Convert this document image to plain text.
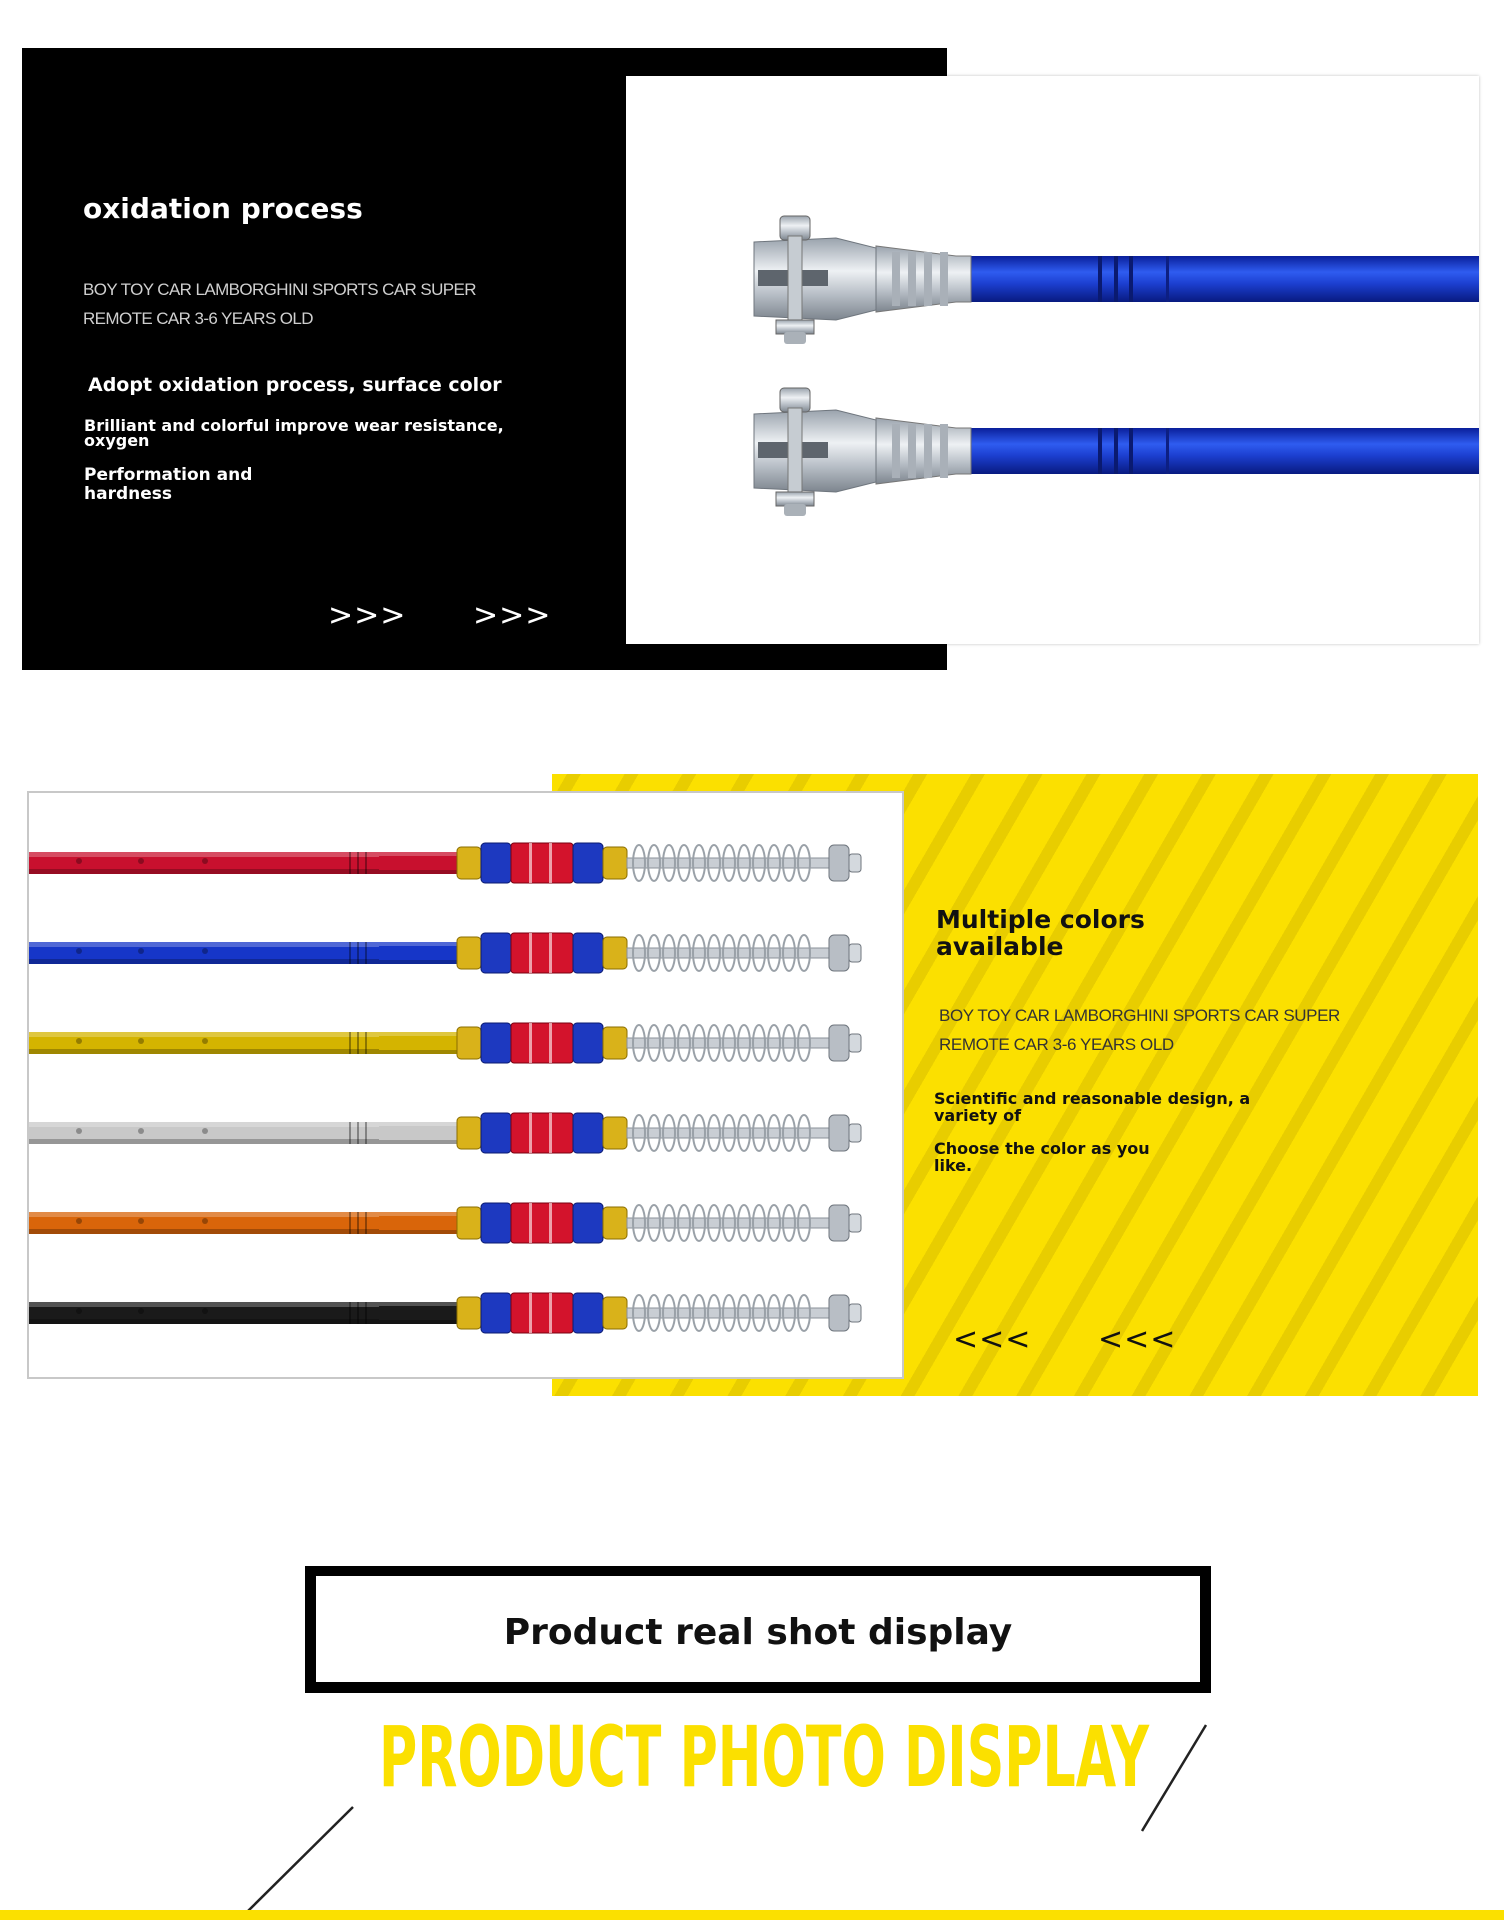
oxidation process
BOY TOY CAR LAMBORGHINI SPORTS CAR SUPER
REMOTE CAR 3-6 YEARS OLD
Adopt oxidation process, surface color
Brilliant and colorful improve wear resistance, oxygen
Performation and hardness
>>> >>>
Multiple colors available
BOY TOY CAR LAMBORGHINI SPORTS CAR SUPER
REMOTE CAR 3-6 YEARS OLD
Scientific and reasonable design, a variety of
Choose the color as you like.
<<< <<<
Product real shot display
PRODUCT PHOTO DISPLAY
